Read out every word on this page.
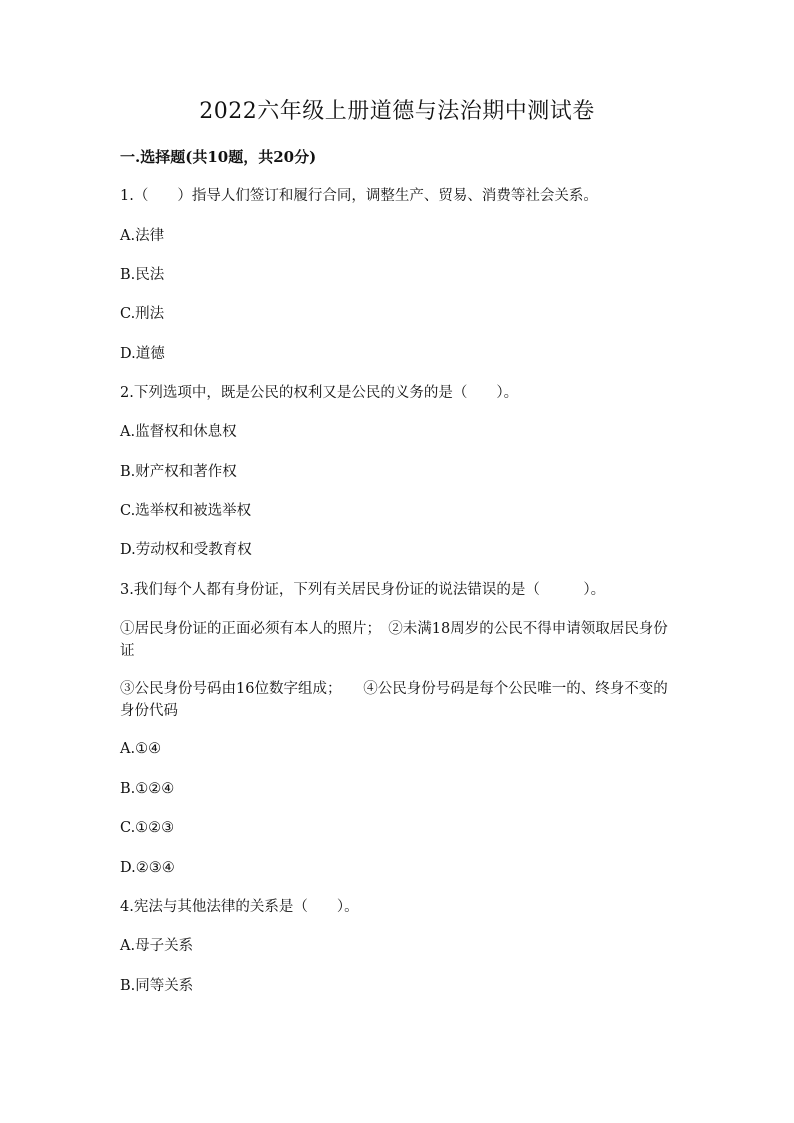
2022六年级上册道德与法治期中测试卷
一.选择题(共10题，共20分)
1.（　　）指导人们签订和履行合同，调整生产、贸易、消费等社会关系。
A.法律
B.民法
C.刑法
D.道德
2.下列选项中，既是公民的权利又是公民的义务的是（　　）。
A.监督权和休息权
B.财产权和著作权
C.选举权和被选举权
D.劳动权和受教育权
3.我们每个人都有身份证，下列有关居民身份证的说法错误的是（　　　）。
①居民身份证的正面必须有本人的照片；　②未满18周岁的公民不得申请领取居民身份证
③公民身份号码由16位数字组成；　　④公民身份号码是每个公民唯一的、终身不变的身份代码
A.①④
B.①②④
C.①②③
D.②③④
4.宪法与其他法律的关系是（　　）。
A.母子关系
B.同等关系
